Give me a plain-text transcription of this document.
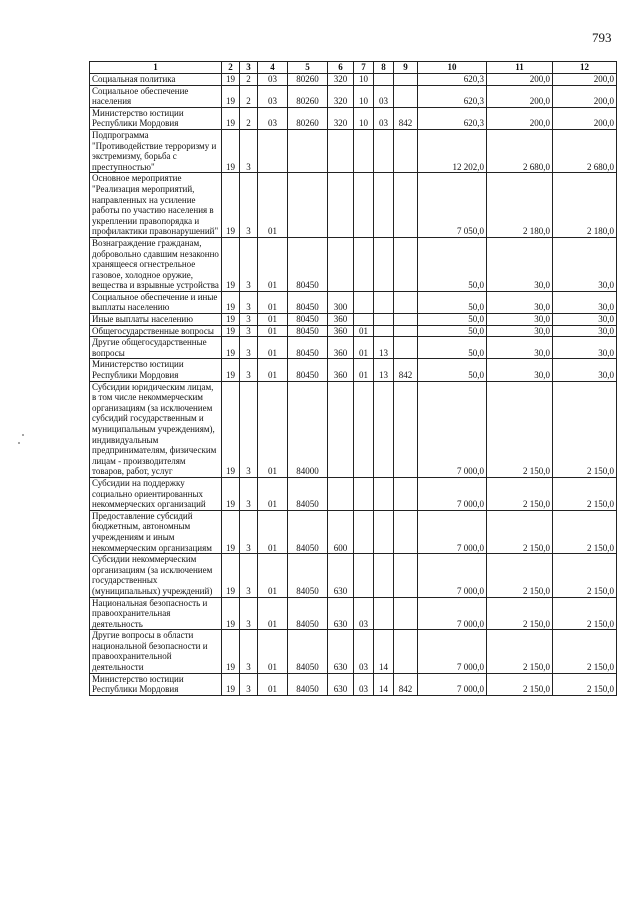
793
1	2	3	4	5	6	7	8	9	10	11	12
Социальная политика	19	2	03	80260	320	10			620,3	200,0	200,0
Социальное обеспечение населения	19	2	03	80260	320	10	03		620,3	200,0	200,0
Министерство юстиции Республики Мордовия	19	2	03	80260	320	10	03	842	620,3	200,0	200,0
Подпрограмма "Противодействие терроризму и экстремизму, борьба с преступностью"	19	3							12 202,0	2 680,0	2 680,0
Основное мероприятие "Реализация мероприятий, направленных на усиление работы по участию населения в укреплении правопорядка и профилактики правонарушений"	19	3	01						7 050,0	2 180,0	2 180,0
Вознаграждение гражданам, добровольно сдавшим незаконно хранящееся огнестрельное газовое, холодное оружие, вещества и взрывные устройства	19	3	01	80450					50,0	30,0	30,0
Социальное обеспечение и иные выплаты населению	19	3	01	80450	300				50,0	30,0	30,0
Иные выплаты населению	19	3	01	80450	360				50,0	30,0	30,0
Общегосударственные вопросы	19	3	01	80450	360	01			50,0	30,0	30,0
Другие общегосударственные вопросы	19	3	01	80450	360	01	13		50,0	30,0	30,0
Министерство юстиции Республики Мордовия	19	3	01	80450	360	01	13	842	50,0	30,0	30,0
Субсидии юридическим лицам, в том числе некоммерческим организациям (за исключением субсидий государственным и муниципальным учреждениям), индивидуальным предпринимателям, физическим лицам - производителям товаров, работ, услуг	19	3	01	84000					7 000,0	2 150,0	2 150,0
Субсидии на поддержку социально ориентированных некоммерческих организаций	19	3	01	84050					7 000,0	2 150,0	2 150,0
Предоставление субсидий бюджетным, автономным учреждениям и иным некоммерческим организациям	19	3	01	84050	600				7 000,0	2 150,0	2 150,0
Субсидии некоммерческим организациям (за исключением государственных (муниципальных) учреждений)	19	3	01	84050	630				7 000,0	2 150,0	2 150,0
Национальная безопасность и правоохранительная деятельность	19	3	01	84050	630	03			7 000,0	2 150,0	2 150,0
Другие вопросы в области национальной безопасности и правоохранительной деятельности	19	3	01	84050	630	03	14		7 000,0	2 150,0	2 150,0
Министерство юстиции Республики Мордовия	19	3	01	84050	630	03	14	842	7 000,0	2 150,0	2 150,0
